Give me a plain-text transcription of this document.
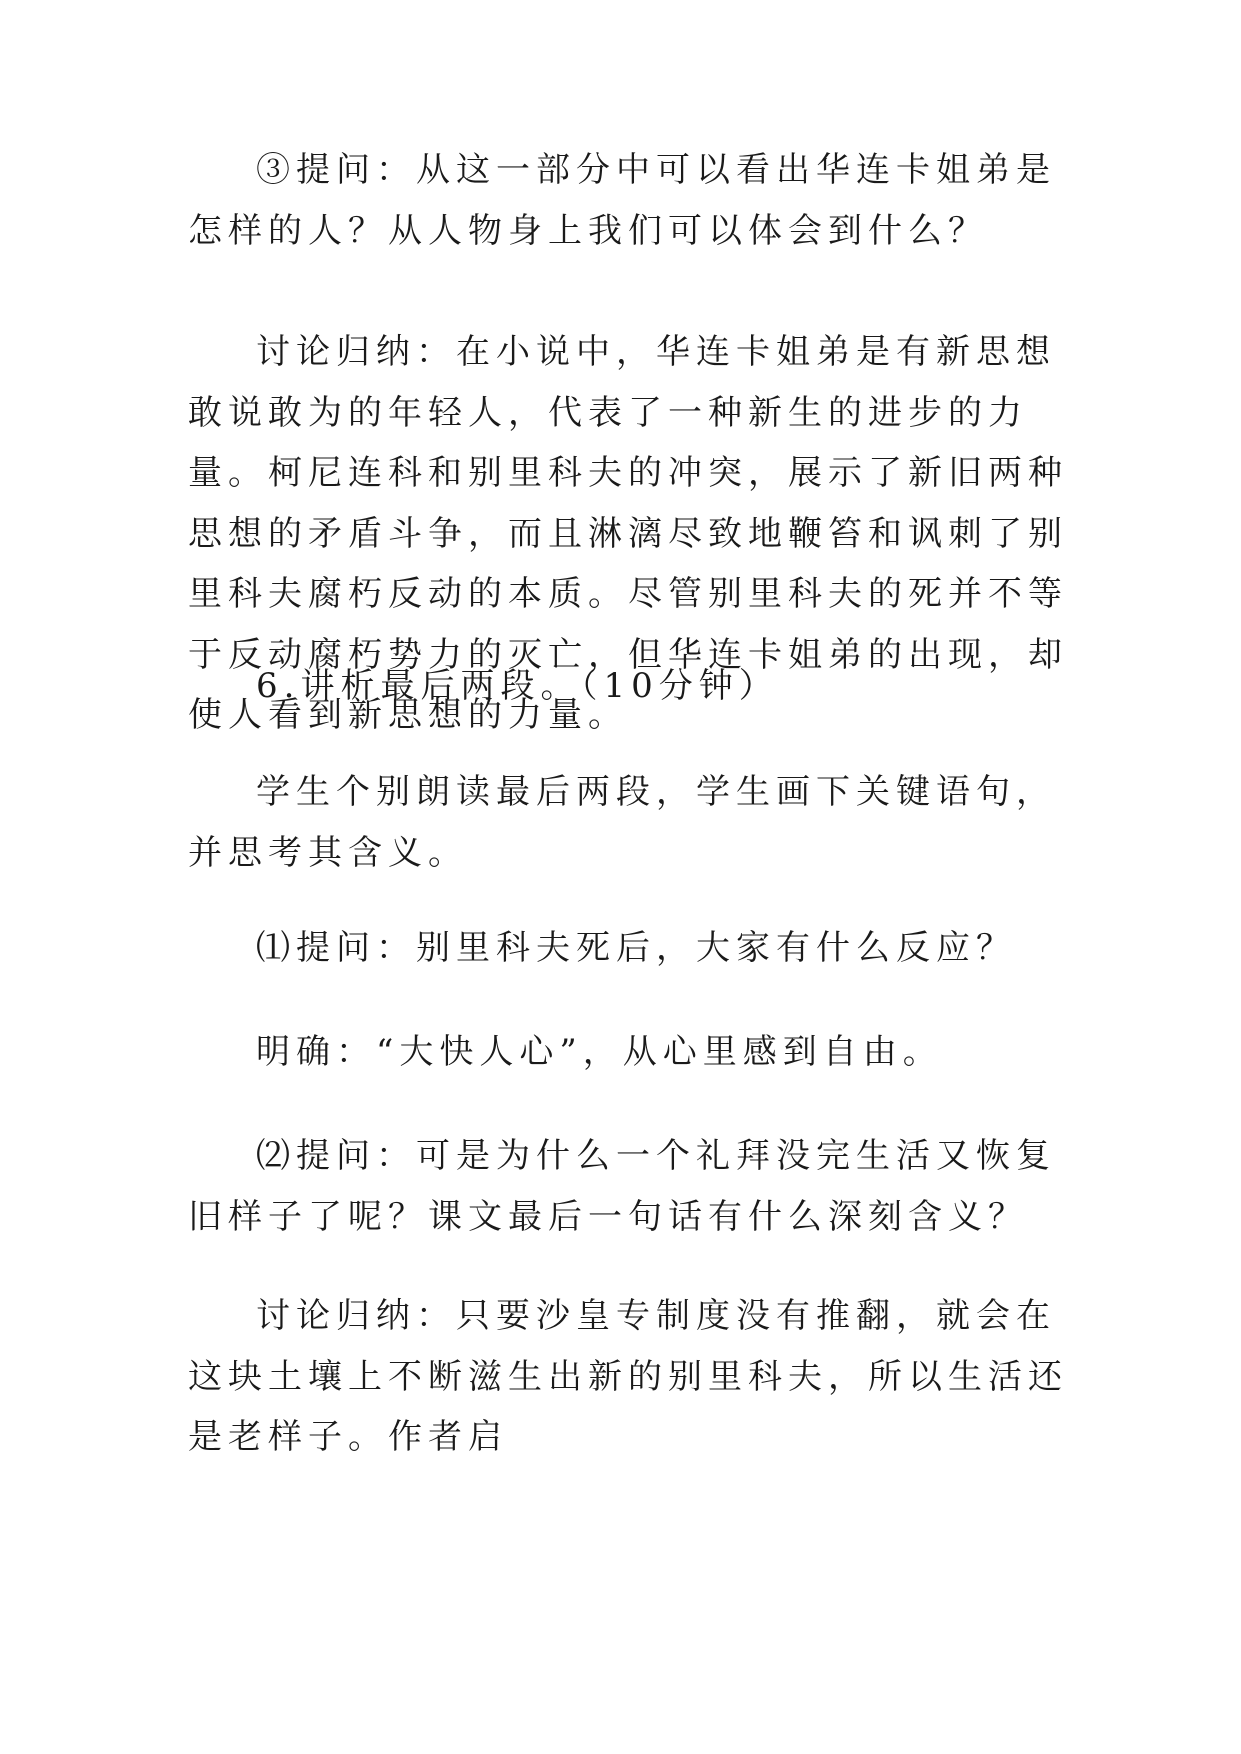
③提问：从这一部分中可以看出华连卡姐弟是怎样的人？从人物身上我们可以体会到什么？

讨论归纳：在小说中，华连卡姐弟是有新思想敢说敢为的年轻人，代表了一种新生的进步的力量。柯尼连科和别里科夫的冲突，展示了新旧两种思想的矛盾斗争，而且淋漓尽致地鞭笞和讽刺了别里科夫腐朽反动的本质。尽管别里科夫的死并不等于反动腐朽势力的灭亡，但华连卡姐弟的出现，却使人看到新思想的力量。

6.讲析最后两段。（10分钟）

学生个别朗读最后两段，学生画下关键语句，并思考其含义。

⑴提问：别里科夫死后，大家有什么反应？

明确：“大快人心”，从心里感到自由。

⑵提问：可是为什么一个礼拜没完生活又恢复旧样子了呢？课文最后一句话有什么深刻含义？

讨论归纳：只要沙皇专制度没有推翻，就会在这块土壤上不断滋生出新的别里科夫，所以生活还是老样子。作者启
